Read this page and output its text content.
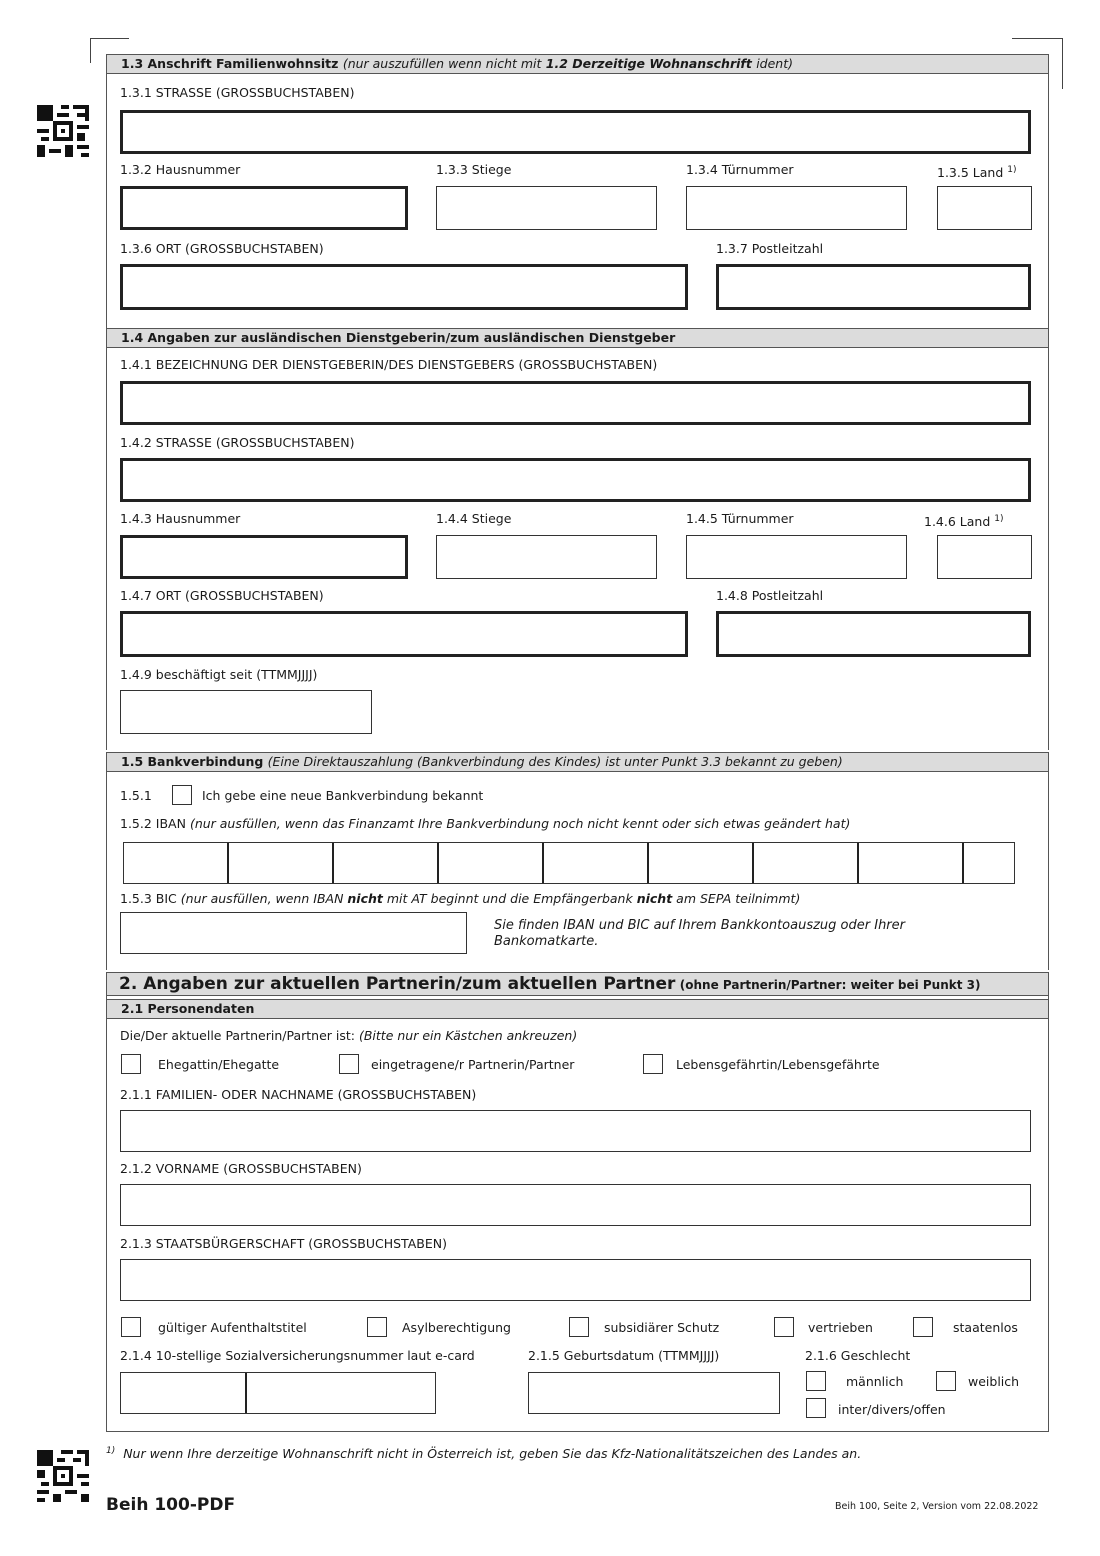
1.3 Anschrift Familienwohnsitz (nur auszufüllen wenn nicht mit 1.2 Derzeitige Wohnanschrift ident)
1.3.1 STRASSE (GROSSBUCHSTABEN)
1.3.2 Hausnummer	1.3.3 Stiege	1.3.4 Türnummer	1.3.5 Land $^{1)}$
1.3.6 ORT (GROSSBUCHSTABEN)	1.3.7 Postleitzahl
1.4 Angaben zur ausländischen Dienstgeberin/zum ausländischen Dienstgeber
1.4.1 BEZEICHNUNG DER DIENSTGEBERIN/DES DIENSTGEBERS (GROSSBUCHSTABEN)
1.4.2 STRASSE (GROSSBUCHSTABEN)
1.4.3 Hausnummer	1.4.4 Stiege	1.4.5 Türnummer	1.4.6 Land $^{1)}$
1.4.7 ORT (GROSSBUCHSTABEN)	1.4.8 Postleitzahl
1.4.9 beschäftigt seit (TTMMJJJJ)
1.5 Bankverbindung (Eine Direktauszahlung (Bankverbindung des Kindes) ist unter Punkt 3.3 bekannt zu geben)
1.5.1	Ich gebe eine neue Bankverbindung bekannt
1.5.2 IBAN (nur ausfüllen, wenn das Finanzamt Ihre Bankverbindung noch nicht kennt oder sich etwas geändert hat)
1.5.3 BIC (nur ausfüllen, wenn IBAN nicht mit AT beginnt und die Empfängerbank nicht am SEPA teilnimmt)
Sie finden IBAN und BIC auf Ihrem Bankkontoauszug oder Ihrer
Bankomatkarte.
2. Angaben zur aktuellen Partnerin/zum aktuellen Partner (ohne Partnerin/Partner: weiter bei Punkt 3)
2.1 Personendaten
Die/Der aktuelle Partnerin/Partner ist: (Bitte nur ein Kästchen ankreuzen)
Ehegattin/Ehegatte	eingetragene/r Partnerin/Partner	Lebensgefährtin/Lebensgefährte
2.1.1 FAMILIEN- ODER NACHNAME (GROSSBUCHSTABEN)
2.1.2 VORNAME (GROSSBUCHSTABEN)
2.1.3 STAATSBÜRGERSCHAFT (GROSSBUCHSTABEN)
gültiger Aufenthaltstitel	Asylberechtigung	subsidiärer Schutz	vertrieben	staatenlos
2.1.4 10-stellige Sozialversicherungsnummer laut e-card	2.1.5 Geburtsdatum (TTMMJJJJ)	2.1.6 Geschlecht
männlich	weiblich
inter/divers/offen
$^{1)}$ Nur wenn Ihre derzeitige Wohnanschrift nicht in Österreich ist, geben Sie das Kfz-Nationalitätszeichen des Landes an.
Beih 100-PDF	Beih 100, Seite 2, Version vom 22.08.2022
